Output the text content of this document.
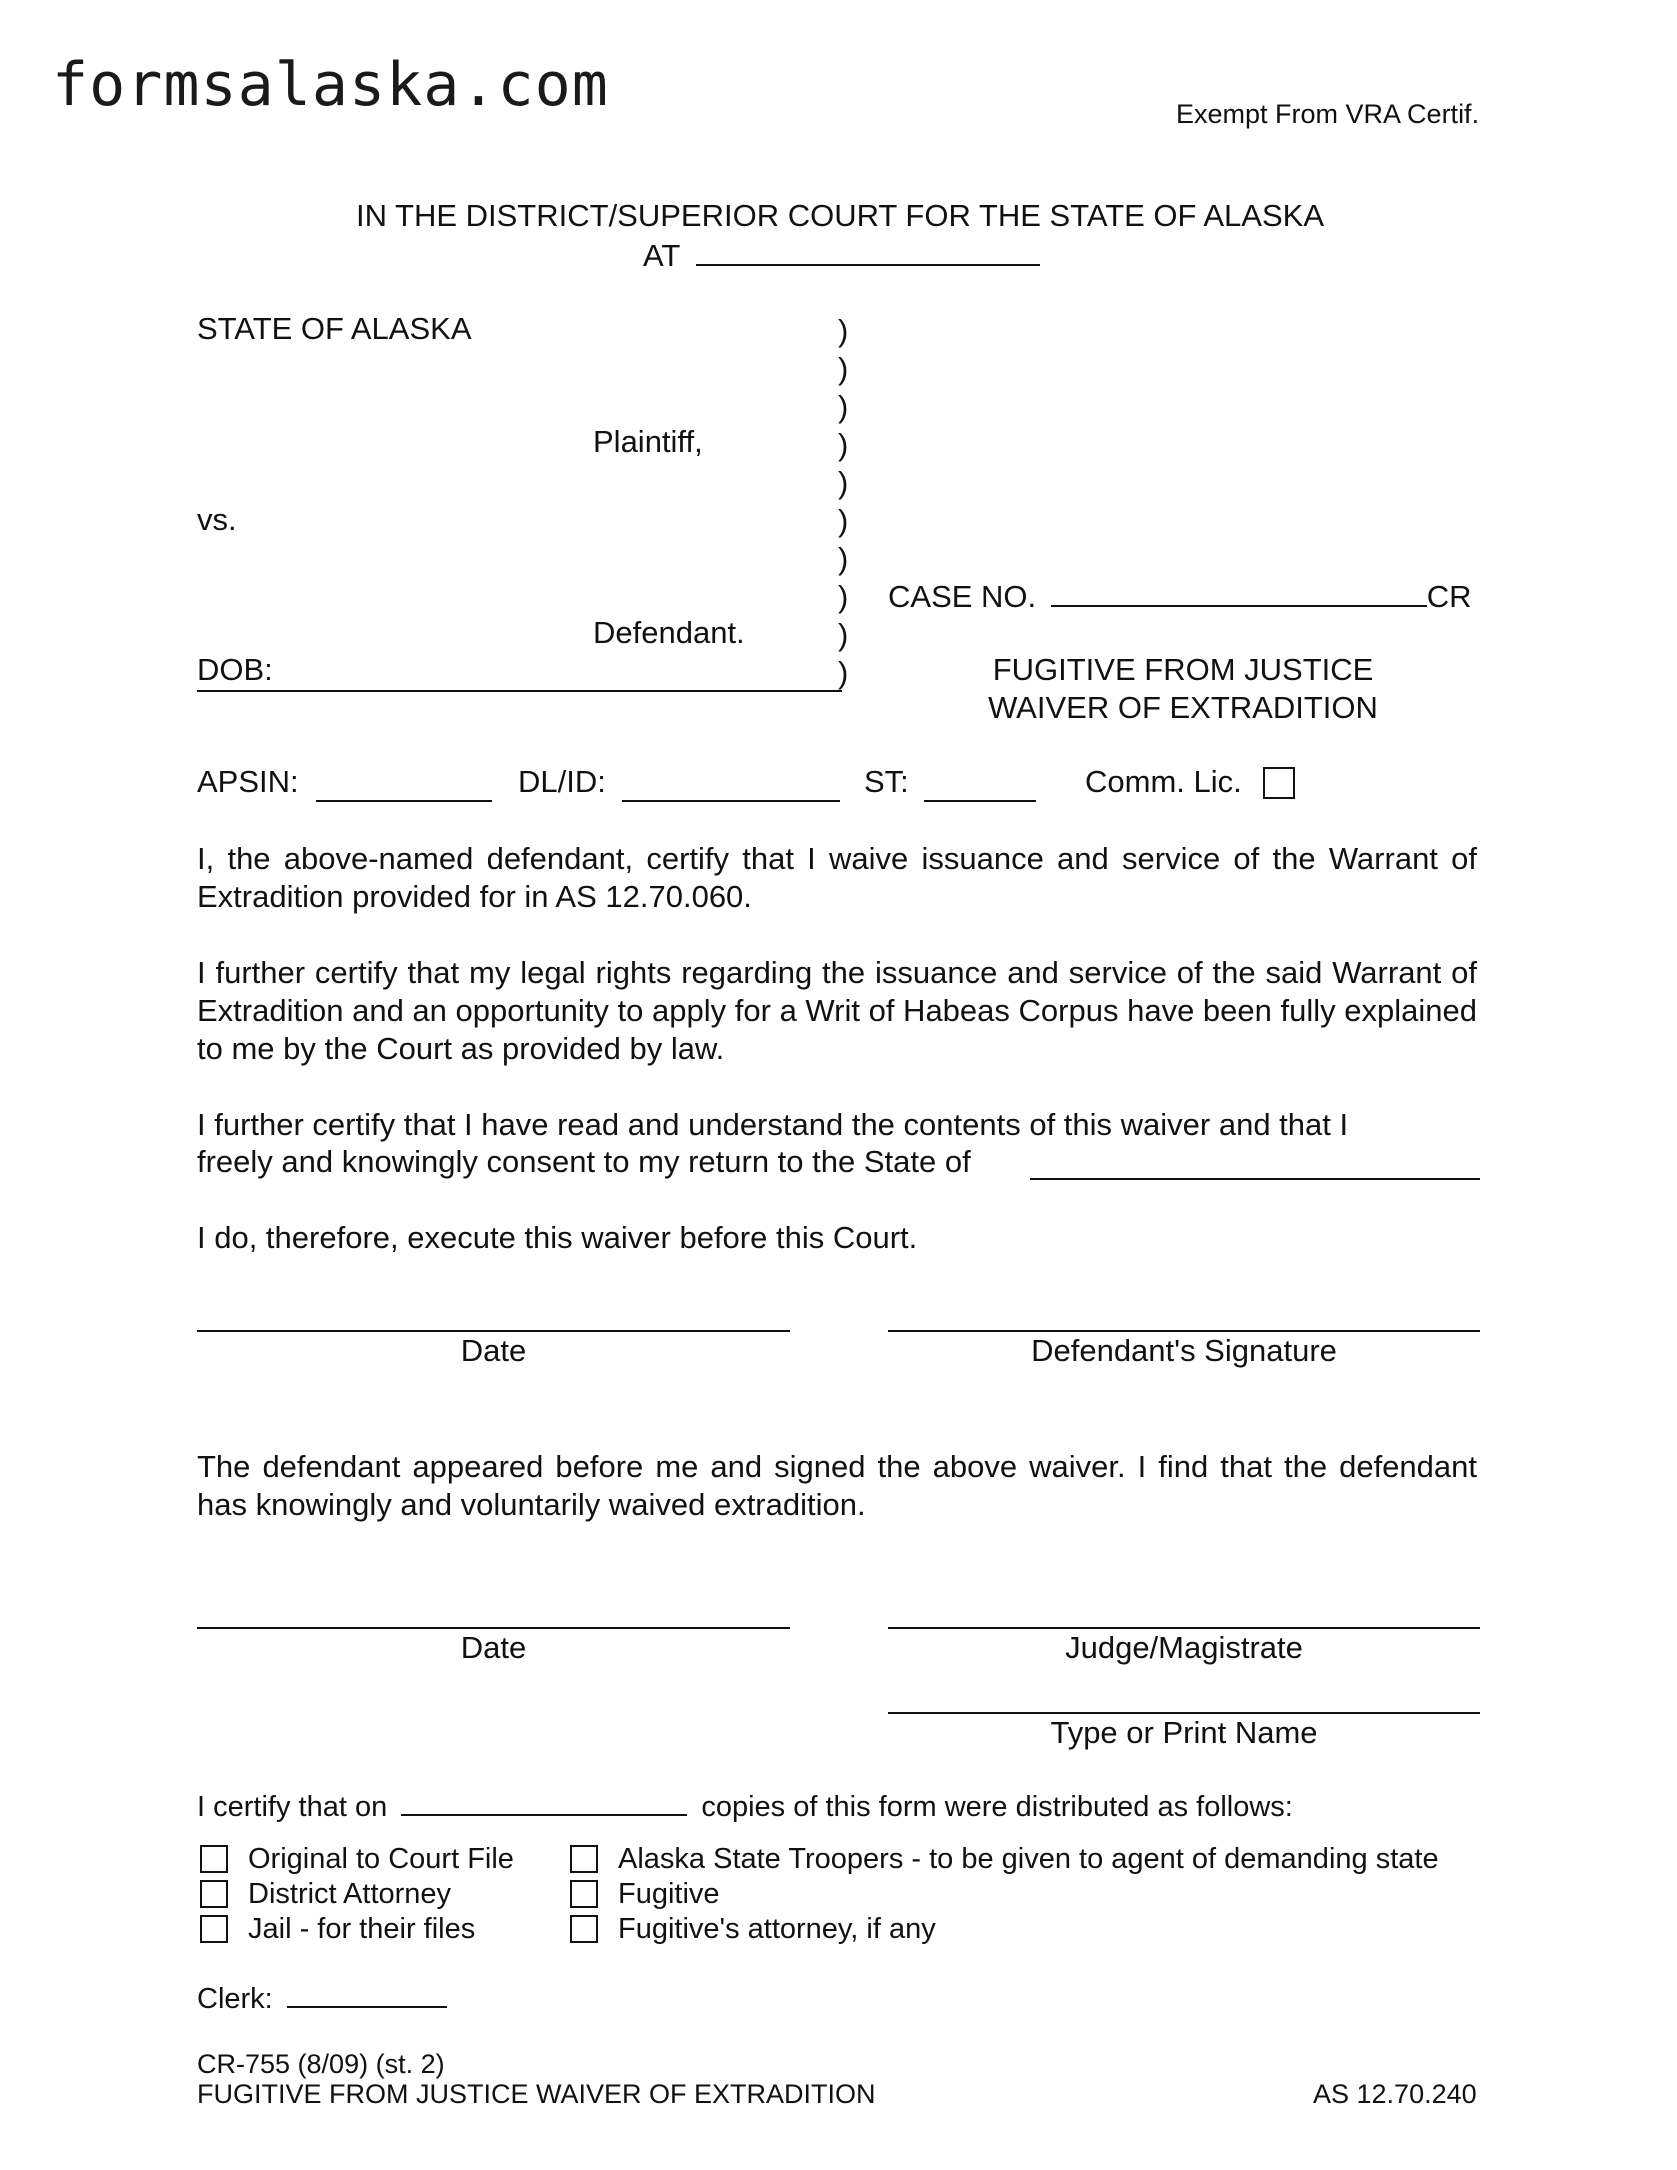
formsalaska.com	Exempt From VRA Certif.
IN THE DISTRICT/SUPERIOR COURT FOR THE STATE OF ALASKA
AT
STATE OF ALASKA
Plaintiff,
vs.
Defendant.
DOB:
)
)
)
)
)
)
)
)
)
)
CASE NO.	CR
FUGITIVE FROM JUSTICE
WAIVER OF EXTRADITION
APSIN:	DL/ID:	ST:	Comm. Lic.
I, the above-named defendant, certify that I waive issuance and service of the Warrant of Extradition provided for in AS 12.70.060.
I further certify that my legal rights regarding the issuance and service of the said Warrant of Extradition and an opportunity to apply for a Writ of Habeas Corpus have been fully explained to me by the Court as provided by law.
I further certify that I have read and understand the contents of this waiver and that I
freely and knowingly consent to my return to the State of
I do, therefore, execute this waiver before this Court.
Date	Defendant's Signature
The defendant appeared before me and signed the above waiver. I find that the defendant has knowingly and voluntarily waived extradition.
Date	Judge/Magistrate
Type or Print Name
I certify that on	copies of this form were distributed as follows:
Original to Court File
District Attorney
Jail - for their files
Alaska State Troopers - to be given to agent of demanding state
Fugitive
Fugitive's attorney, if any
Clerk:
CR-755 (8/09) (st. 2)
FUGITIVE FROM JUSTICE WAIVER OF EXTRADITION	AS 12.70.240
